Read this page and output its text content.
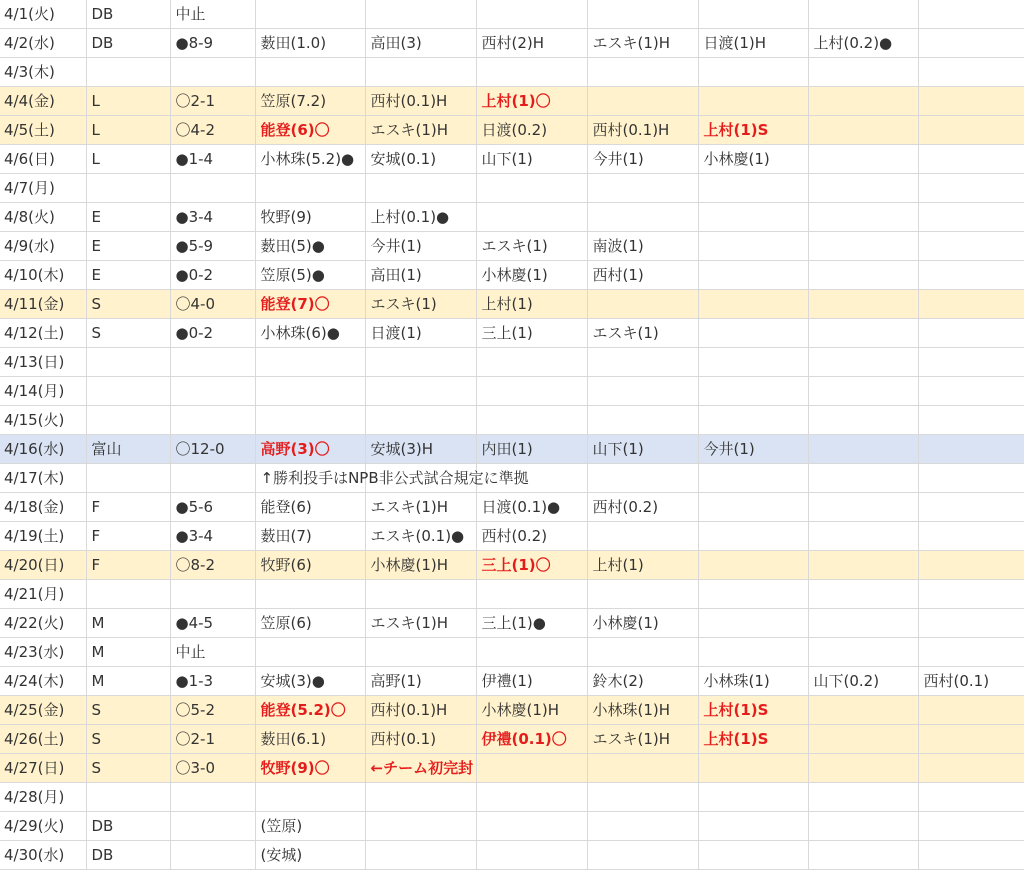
4/1(火)	DB	中止							
4/2(水)	DB	●8-9	薮田(1.0)	高田(3)	西村(2)H	エスキ(1)H	日渡(1)H	上村(0.2)●	
4/3(木)									
4/4(金)	L	〇2-1	笠原(7.2)	西村(0.1)H	上村(1)〇				
4/5(土)	L	〇4-2	能登(6)〇	エスキ(1)H	日渡(0.2)	西村(0.1)H	上村(1)S		
4/6(日)	L	●1-4	小林珠(5.2)●	安城(0.1)	山下(1)	今井(1)	小林慶(1)		
4/7(月)									
4/8(火)	E	●3-4	牧野(9)	上村(0.1)●					
4/9(水)	E	●5-9	薮田(5)●	今井(1)	エスキ(1)	南波(1)			
4/10(木)	E	●0-2	笠原(5)●	高田(1)	小林慶(1)	西村(1)			
4/11(金)	S	〇4-0	能登(7)〇	エスキ(1)	上村(1)				
4/12(土)	S	●0-2	小林珠(6)●	日渡(1)	三上(1)	エスキ(1)			
4/13(日)									
4/14(月)									
4/15(火)									
4/16(水)	富山	〇12-0	高野(3)〇	安城(3)H	内田(1)	山下(1)	今井(1)		
4/17(木)			↑勝利投手はNPB非公式試合規定に準拠						
4/18(金)	F	●5-6	能登(6)	エスキ(1)H	日渡(0.1)●	西村(0.2)			
4/19(土)	F	●3-4	薮田(7)	エスキ(0.1)●	西村(0.2)				
4/20(日)	F	〇8-2	牧野(6)	小林慶(1)H	三上(1)〇	上村(1)			
4/21(月)									
4/22(火)	M	●4-5	笠原(6)	エスキ(1)H	三上(1)●	小林慶(1)			
4/23(水)	M	中止							
4/24(木)	M	●1-3	安城(3)●	高野(1)	伊禮(1)	鈴木(2)	小林珠(1)	山下(0.2)	西村(0.1)
4/25(金)	S	〇5-2	能登(5.2)〇	西村(0.1)H	小林慶(1)H	小林珠(1)H	上村(1)S		
4/26(土)	S	〇2-1	薮田(6.1)	西村(0.1)	伊禮(0.1)〇	エスキ(1)H	上村(1)S		
4/27(日)	S	〇3-0	牧野(9)〇	←チーム初完封					
4/28(月)									
4/29(火)	DB		(笠原)						
4/30(水)	DB		(安城)						
